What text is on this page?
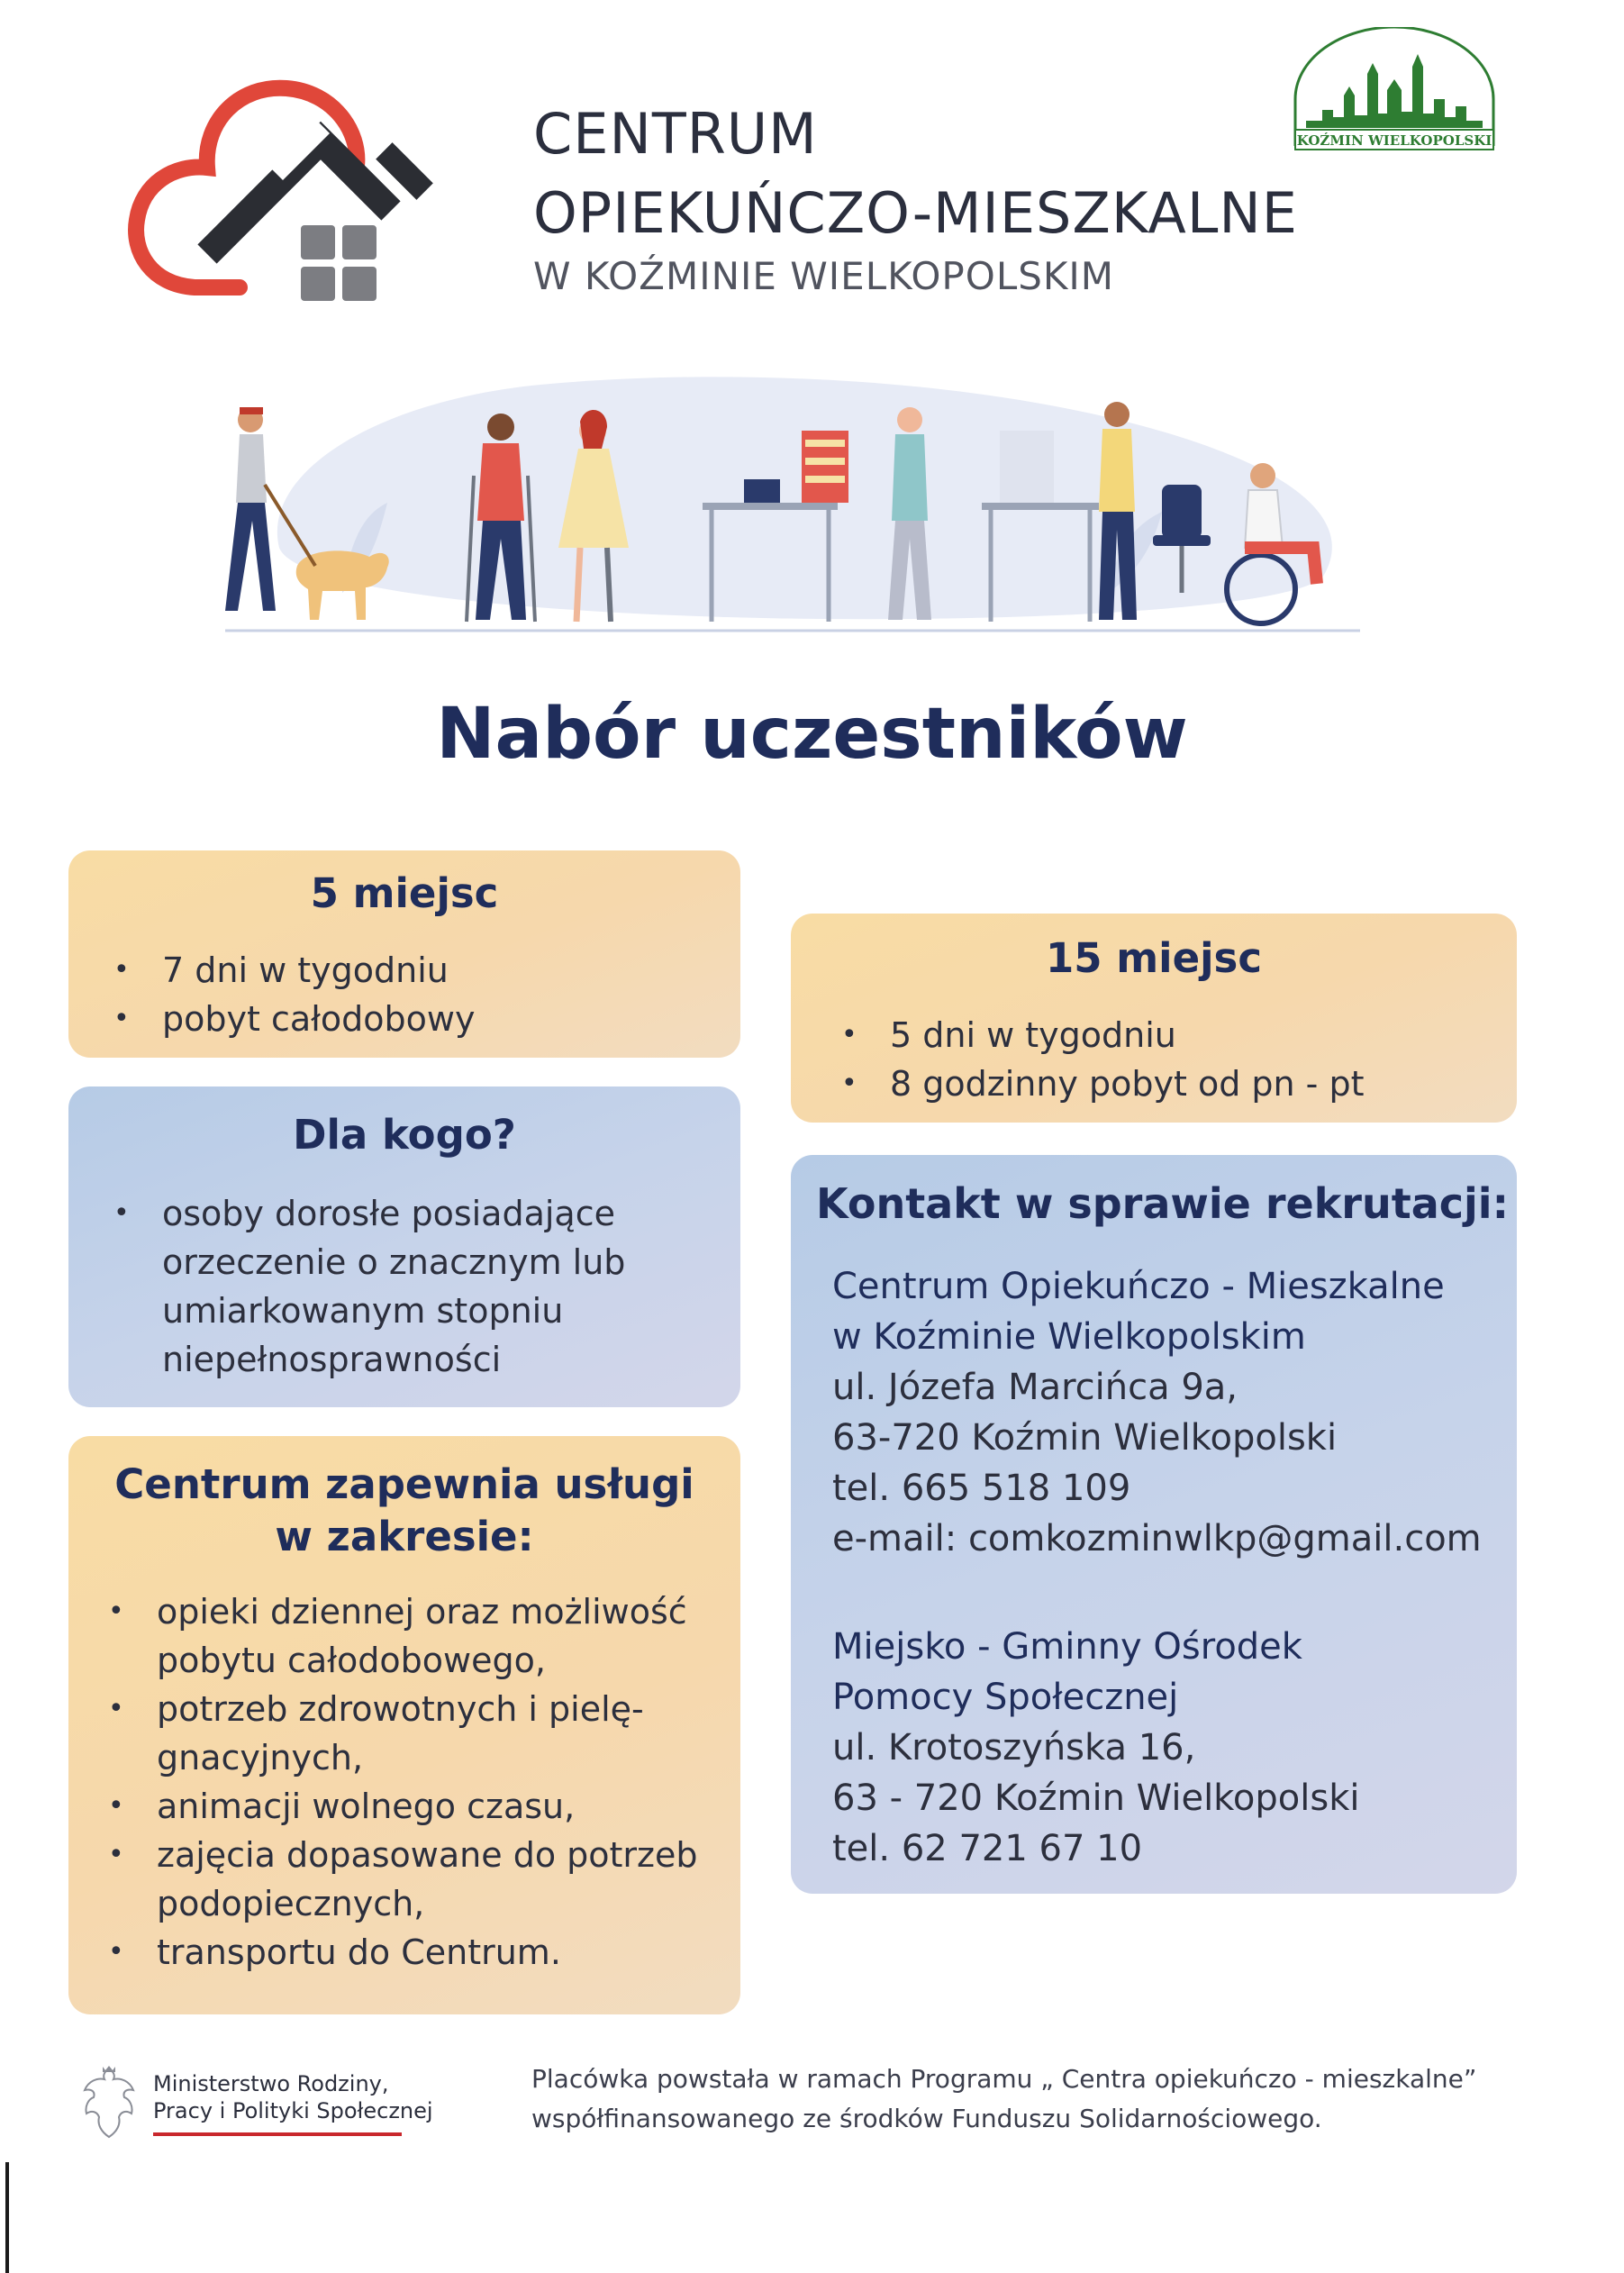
CENTRUM
OPIEKUŃCZO-MIESZKALNE
W KOŹMINIE WIELKOPOLSKIM
KOŹMIN WIELKOPOLSKI
Nabór uczestników
5 miejsc
• 7 dni w tygodniu
• pobyt całodobowy
Dla kogo?
• osoby dorosłe posiadające
orzeczenie o znacznym lub
umiarkowanym stopniu
niepełnosprawności
Centrum zapewnia usługi
w zakresie:
• opieki dziennej oraz możliwość
pobytu całodobowego,
• potrzeb zdrowotnych i pielę-
gnacyjnych,
• animacji wolnego czasu,
• zajęcia dopasowane do potrzeb
podopiecznych,
• transportu do Centrum.
15 miejsc
• 5 dni w tygodniu
• 8 godzinny pobyt od pn - pt
Kontakt w sprawie rekrutacji:
Centrum Opiekuńczo - Mieszkalne
w Koźminie Wielkopolskim
ul. Józefa Marcińca 9a,
63-720 Koźmin Wielkopolski
tel. 665 518 109
e-mail: comkozminwlkp@gmail.com
Miejsko - Gminny Ośrodek
Pomocy Społecznej
ul. Krotoszyńska 16,
63 - 720 Koźmin Wielkopolski
tel. 62 721 67 10
Ministerstwo Rodziny,
Pracy i Polityki Społecznej
Placówka powstała w ramach Programu „ Centra opiekuńczo - mieszkalne”
współfinansowanego ze środków Funduszu Solidarnościowego.
